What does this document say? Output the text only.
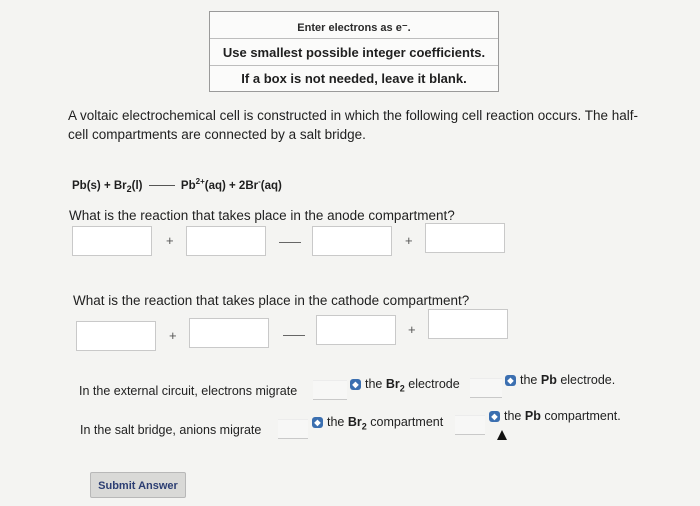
Enter electrons as e⁻.
Use smallest possible integer coefficients.
If a box is not needed, leave it blank.
A voltaic electrochemical cell is constructed in which the following cell reaction occurs. The half-cell compartments are connected by a salt bridge.
$Pb(s) + Br_2(l)$	$Pb^{2+}(aq) + 2Br^-(aq)$
What is the reaction that takes place in the anode compartment?
+	+
What is the reaction that takes place in the cathode compartment?
+	+
In the external circuit, electrons migrate	◆ the $Br_2$ electrode	◆ the Pb electrode.
In the salt bridge, anions migrate
◆ the $Br_2$ compartment	◆ the Pb compartment.
Submit Answer
